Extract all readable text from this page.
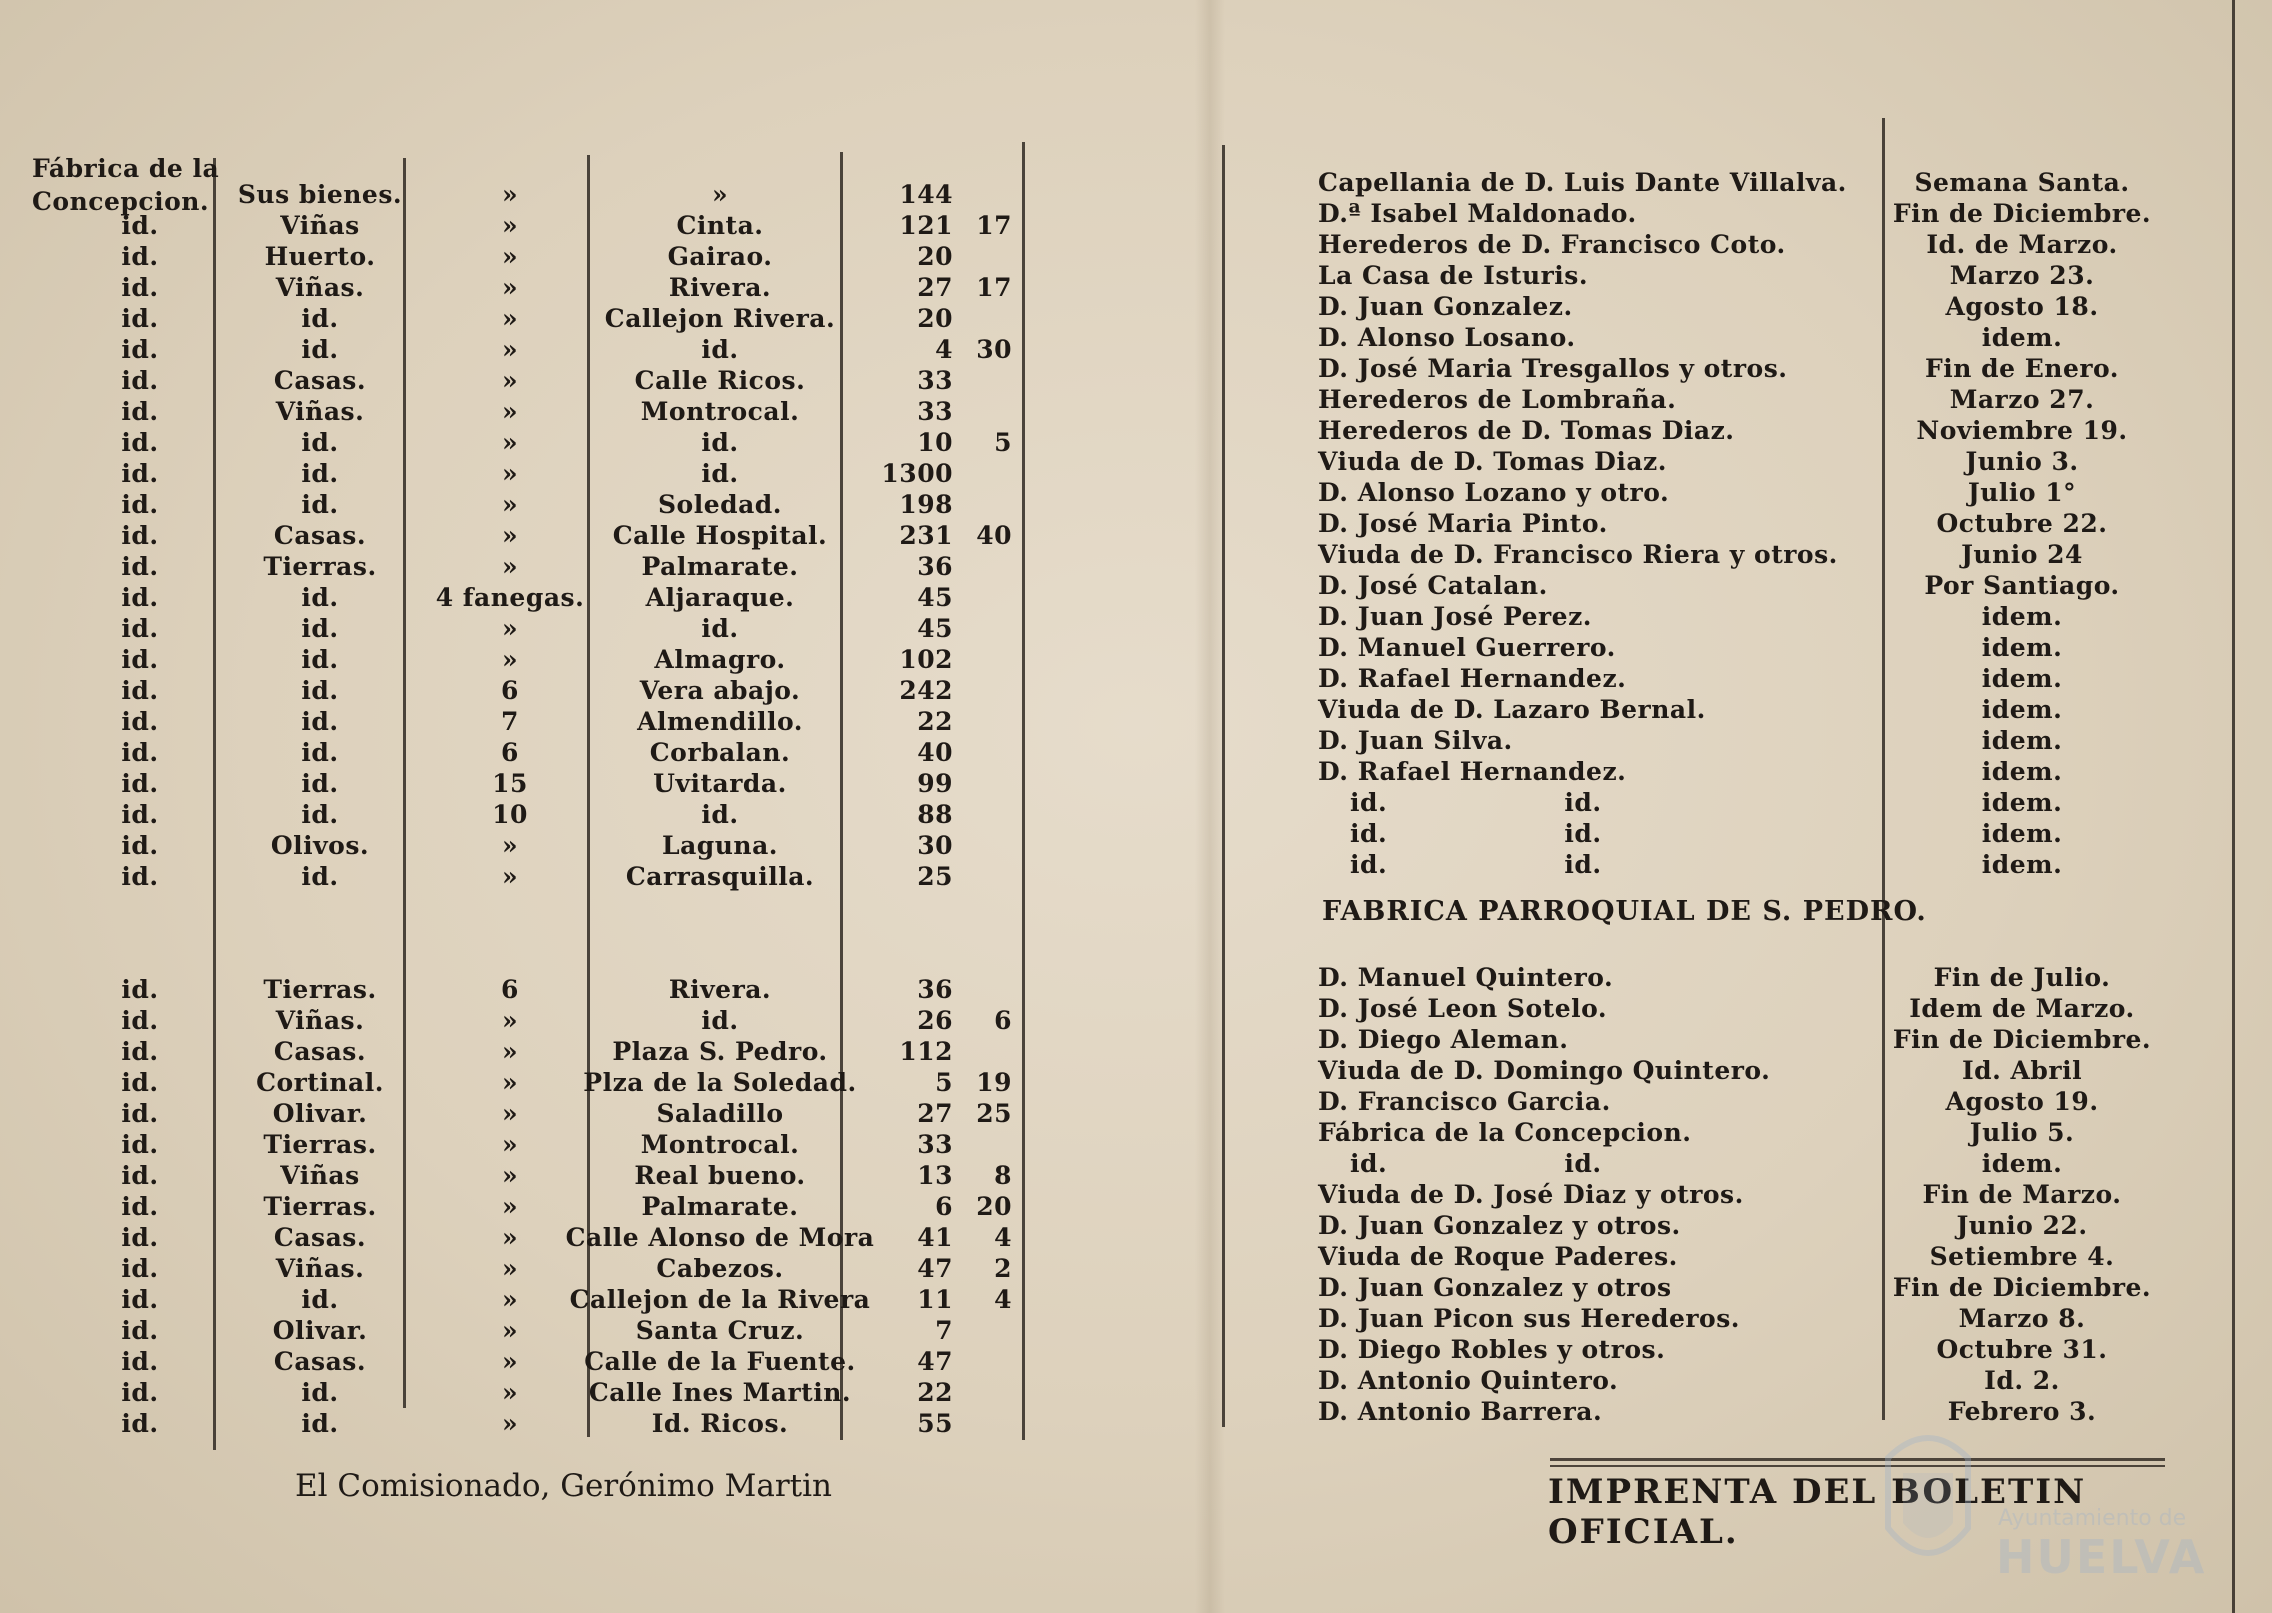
Fábrica de la
Concepcion. Sus bienes.	»	»	144
id.	Viñas	»	Cinta.	121 17
id.	Huerto.	»	Gairao.	20
id.	Viñas.	»	Rivera.	27 17
id.	id.	»	Callejon Rivera.	20
id.	id.	»	id.	4 30
id.	Casas.	»	Calle Ricos.	33
id.	Viñas.	»	Montrocal.	33
id.	id.	»	id.	10 5
id.	id.	»	id.	1300
id.	id.	»	Soledad.	198
id.	Casas.	»	Calle Hospital.	231 40
id.	Tierras.	»	Palmarate.	36
id.	id.	4 fanegas. Aljaraque.	45
id.	id.	»	id.	45
id.	id.	»	Almagro.	102
id.	id.	6	Vera abajo.	242
id.	id.	7	Almendillo.	22
id.	id.	6	Corbalan.	40
id.	id.	15	Uvitarda.	99
id.	id.	10	id.	88
id.	Olivos.	»	Laguna.	30
id.	id.	»	Carrasquilla.	25
id.	Tierras.	6	Rivera.	36
id.	Viñas.	»	id.	26 6
id.	Casas.	»	Plaza S. Pedro.	112
id.	Cortinal.	»	Plza de la Soledad.	5 19
id.	Olivar.	»	Saladillo	27 25
id.	Tierras.	»	Montrocal.	33
id.	Viñas	»	Real bueno.	13 8
id.	Tierras.	»	Palmarate.	6 20
id.	Casas.	» Calle Alonso de Mora 41 4
id.	Viñas.	»	Cabezos.	47 2
id.	id.	» Callejon de la Rivera 11 4
id.	Olivar.	»	Santa Cruz.	7
id.	Casas.	»	Calle de la Fuente. 47
id.	id.	»	Calle Ines Martin.	22
id.	id.	»	Id. Ricos.	55
Capellania de D. Luis Dante Villalva.	Semana Santa.
D.ª Isabel Maldonado.	Fin de Diciembre.
Herederos de D. Francisco Coto.	Id. de Marzo.
La Casa de Isturis.	Marzo 23.
D. Juan Gonzalez.	Agosto 18.
D. Alonso Losano.	idem.
D. José Maria Tresgallos y otros.	Fin de Enero.
Herederos de Lombraña.	Marzo 27.
Herederos de D. Tomas Diaz.	Noviembre 19.
Viuda de D. Tomas Diaz.	Junio 3.
D. Alonso Lozano y otro.	Julio 1°
D. José Maria Pinto.	Octubre 22.
Viuda de D. Francisco Riera y otros.	Junio 24
D. José Catalan.	Por Santiago.
D. Juan José Perez.	idem.
D. Manuel Guerrero.	idem.
D. Rafael Hernandez.	idem.
Viuda de D. Lazaro Bernal.	idem.
D. Juan Silva.	idem.
D. Rafael Hernandez.	idem.
id.	id.	idem.
id.	id.	idem.
id.	id.	idem.
FABRICA PARROQUIAL DE S. PEDRO.
D. Manuel Quintero.	Fin de Julio.
D. José Leon Sotelo.	Idem de Marzo.
D. Diego Aleman.	Fin de Diciembre.
Viuda de D. Domingo Quintero.	Id. Abril
D. Francisco Garcia.	Agosto 19.
Fábrica de la Concepcion.	Julio 5.
id.	id.	idem.
Viuda de D. José Diaz y otros.	Fin de Marzo.
D. Juan Gonzalez y otros.	Junio 22.
Viuda de Roque Paderes.	Setiembre 4.
D. Juan Gonzalez y otros	Fin de Diciembre.
D. Juan Picon sus Herederos.	Marzo 8.
D. Diego Robles y otros.	Octubre 31.
D. Antonio Quintero.	Id. 2.
D. Antonio Barrera.	Febrero 3.
El Comisionado, Gerónimo Martin	IMPRENTA DEL BOLETIN OFICIAL.	Ayuntamiento de
HUELVA
